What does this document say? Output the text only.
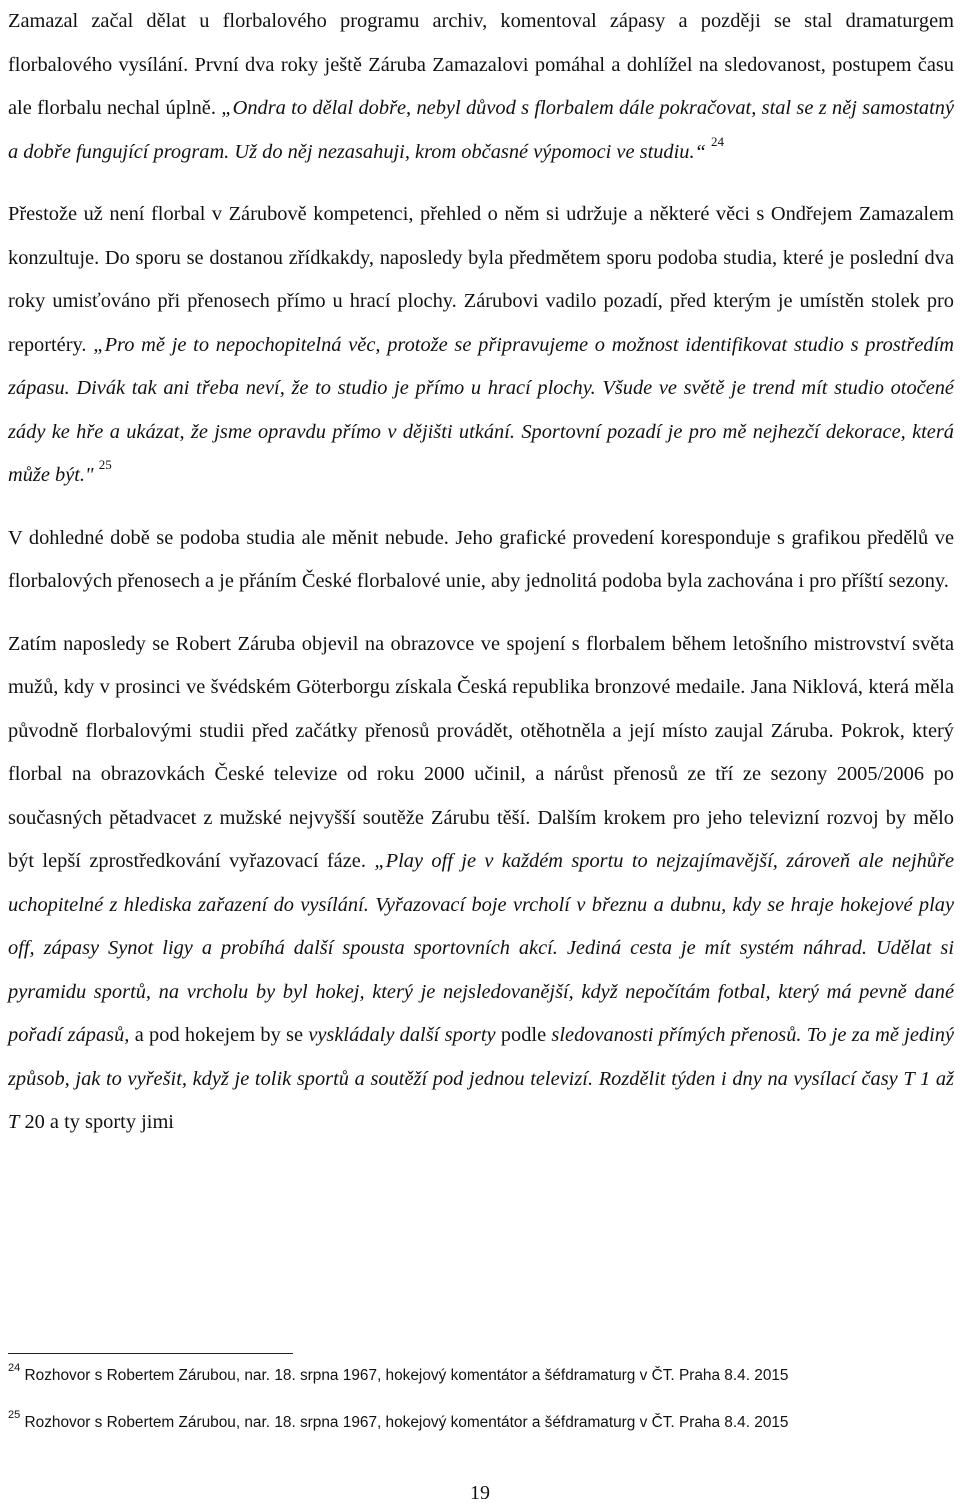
Zamazal začal dělat u florbalového programu archiv, komentoval zápasy a později se stal dramaturgem florbalového vysílání. První dva roky ještě Záruba Zamazalovi pomáhal a dohlížel na sledovanost, postupem času ale florbalu nechal úplně. „Ondra to dělal dobře, nebyl důvod s florbalem dále pokračovat, stal se z něj samostatný a dobře fungující program. Už do něj nezasahuji, krom občasné výpomoci ve studiu.“ $^{24}$

Přestože už není florbal v Zárubově kompetenci, přehled o něm si udržuje a některé věci s Ondřejem Zamazalem konzultuje. Do sporu se dostanou zřídkakdy, naposledy byla předmětem sporu podoba studia, které je poslední dva roky umisťováno při přenosech přímo u hrací plochy. Zárubovi vadilo pozadí, před kterým je umístěn stolek pro reportéry. „Pro mě je to nepochopitelná věc, protože se připravujeme o možnost identifikovat studio s prostředím zápasu. Divák tak ani třeba neví, že to studio je přímo u hrací plochy. Všude ve světě je trend mít studio otočené zády ke hře a ukázat, že jsme opravdu přímo v dějišti utkání. Sportovní pozadí je pro mě nejhezčí dekorace, která může být." $^{25}$

V dohledné době se podoba studia ale měnit nebude. Jeho grafické provedení koresponduje s grafikou předělů ve florbalových přenosech a je přáním České florbalové unie, aby jednolitá podoba byla zachována i pro příští sezony.

Zatím naposledy se Robert Záruba objevil na obrazovce ve spojení s florbalem během letošního mistrovství světa mužů, kdy v prosinci ve švédském Göterborgu získala Česká republika bronzové medaile. Jana Niklová, která měla původně florbalovými studii před začátky přenosů provádět, otěhotněla a její místo zaujal Záruba. Pokrok, který florbal na obrazovkách České televize od roku 2000 učinil, a nárůst přenosů ze tří ze sezony 2005/2006 po současných pětadvacet z mužské nejvyšší soutěže Zárubu těší. Dalším krokem pro jeho televizní rozvoj by mělo být lepší zprostředkování vyřazovací fáze. „Play off je v každém sportu to nejzajímavější, zároveň ale nejhůře uchopitelné z hlediska zařazení do vysílání. Vyřazovací boje vrcholí v březnu a dubnu, kdy se hraje hokejové play off, zápasy Synot ligy a probíhá další spousta sportovních akcí. Jediná cesta je mít systém náhrad. Udělat si pyramidu sportů, na vrcholu by byl hokej, který je nejsledovanější, když nepočítám fotbal, který má pevně dané pořadí zápasů, a pod hokejem by se vyskládaly další sporty podle sledovanosti přímých přenosů. To je za mě jediný způsob, jak to vyřešit, když je tolik sportů a soutěží pod jednou televizí. Rozdělit týden i dny na vysílací časy T 1 až T 20 a ty sporty jimi

$^{24}$ Rozhovor s Robertem Zárubou, nar. 18. srpna 1967, hokejový komentátor a šéfdramaturg v ČT. Praha 8.4. 2015
$^{25}$ Rozhovor s Robertem Zárubou, nar. 18. srpna 1967, hokejový komentátor a šéfdramaturg v ČT. Praha 8.4. 2015
19
